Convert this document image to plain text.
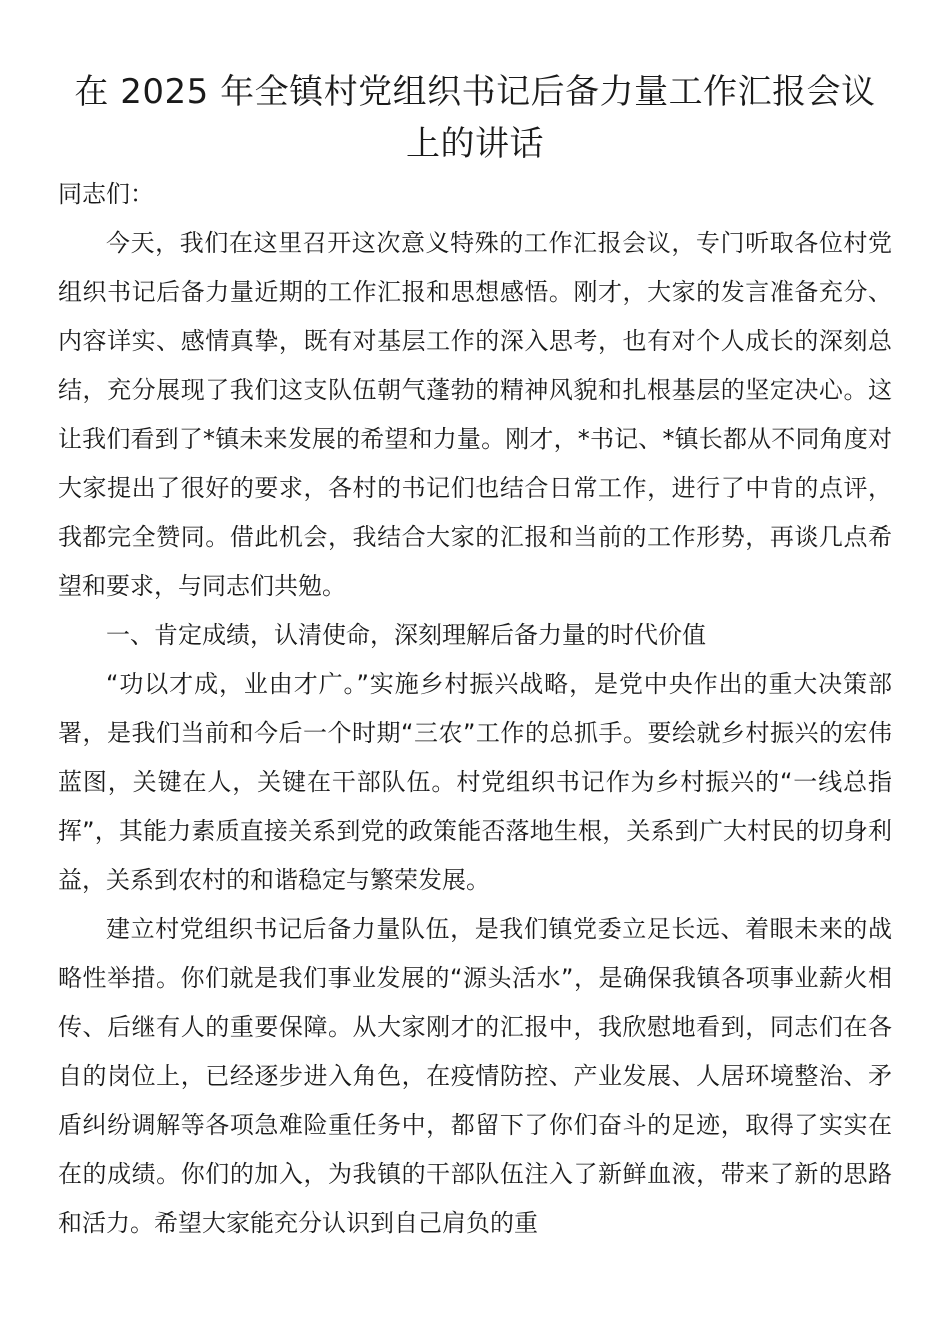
在 2025 年全镇村党组织书记后备力量工作汇报会议上的讲话

同志们：

今天，我们在这里召开这次意义特殊的工作汇报会议，专门听取各位村党组织书记后备力量近期的工作汇报和思想感悟。刚才，大家的发言准备充分、内容详实、感情真挚，既有对基层工作的深入思考，也有对个人成长的深刻总结，充分展现了我们这支队伍朝气蓬勃的精神风貌和扎根基层的坚定决心。这让我们看到了*镇未来发展的希望和力量。刚才，*书记、*镇长都从不同角度对大家提出了很好的要求，各村的书记们也结合日常工作，进行了中肯的点评，我都完全赞同。借此机会，我结合大家的汇报和当前的工作形势，再谈几点希望和要求，与同志们共勉。

一、肯定成绩，认清使命，深刻理解后备力量的时代价值

“功以才成，业由才广。”实施乡村振兴战略，是党中央作出的重大决策部署，是我们当前和今后一个时期“三农”工作的总抓手。要绘就乡村振兴的宏伟蓝图，关键在人，关键在干部队伍。村党组织书记作为乡村振兴的“一线总指挥”，其能力素质直接关系到党的政策能否落地生根，关系到广大村民的切身利益，关系到农村的和谐稳定与繁荣发展。

建立村党组织书记后备力量队伍，是我们镇党委立足长远、着眼未来的战略性举措。你们就是我们事业发展的“源头活水”，是确保我镇各项事业薪火相传、后继有人的重要保障。从大家刚才的汇报中，我欣慰地看到，同志们在各自的岗位上，已经逐步进入角色，在疫情防控、产业发展、人居环境整治、矛盾纠纷调解等各项急难险重任务中，都留下了你们奋斗的足迹，取得了实实在在的成绩。你们的加入，为我镇的干部队伍注入了新鲜血液，带来了新的思路和活力。希望大家能充分认识到自己肩负的重
